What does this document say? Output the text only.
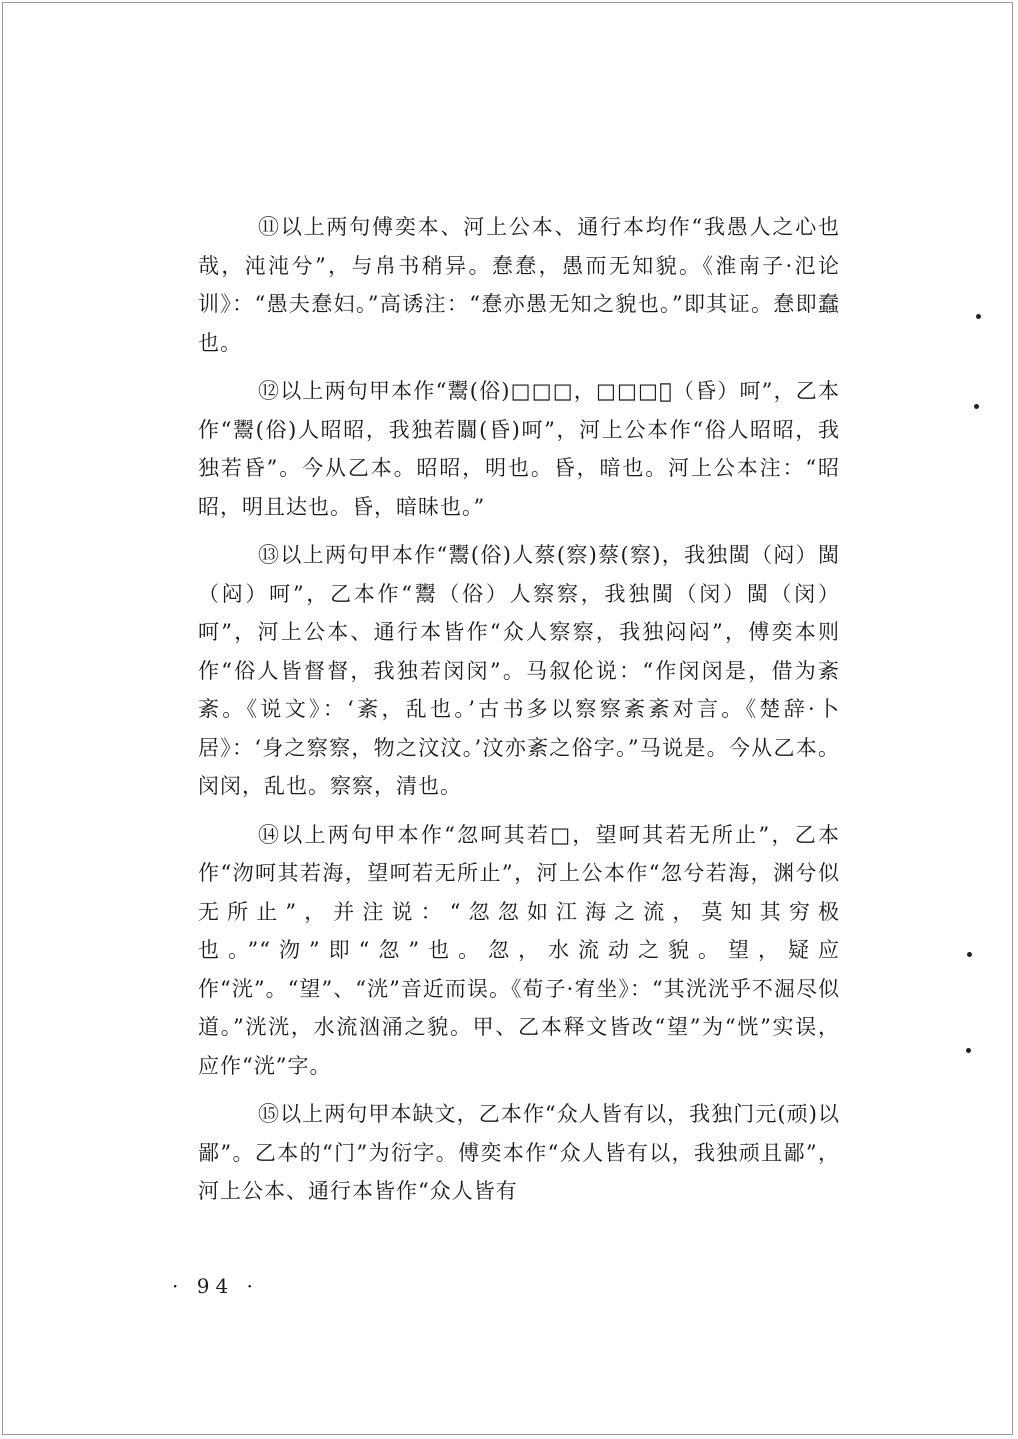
⑪以上两句傅奕本、河上公本、通行本均作“我愚人之心也哉，沌沌兮”，与帛书稍异。惷惷，愚而无知貌。《淮南子·氾论训》：“愚夫惷妇。”高诱注：“惷亦愚无知之貌也。”即其证。惷即蠢也。

⑫以上两句甲本作“鬻(俗)□□□，□□□𦥛（昏）呵”，乙本作“鬻(俗)人昭昭，我独若闒(昏)呵”，河上公本作“俗人昭昭，我独若昏”。今从乙本。昭昭，明也。昏，暗也。河上公本注：“昭昭，明且达也。昏，暗昧也。”

⑬以上两句甲本作“鬻(俗)人蔡(察)蔡(察)，我独閩（闷）閩（闷）呵”，乙本作“鬻（俗）人察察，我独閩（闵）閩（闵）呵”，河上公本、通行本皆作“众人察察，我独闷闷”，傅奕本则作“俗人皆督督，我独若闵闵”。马叙伦说：“作闵闵是，借为紊紊。《说文》：‘紊，乱也。’古书多以察察紊紊对言。《楚辞·卜居》：‘身之察察，物之汶汶。’汶亦紊之俗字。”马说是。今从乙本。闵闵，乱也。察察，清也。

⑭以上两句甲本作“忽呵其若□，望呵其若无所止”，乙本作“沕呵其若海，望呵若无所止”，河上公本作“忽兮若海，渊兮似无所止”，并注说：“忽忽如江海之流，莫知其穷极也。”“沕”即“忽”也。忽，水流动之貌。望，疑应作“洸”。“望”、“洸”音近而误。《荀子·宥坐》：“其洸洸乎不淈尽似道。”洸洸，水流汹涌之貌。甲、乙本释文皆改“望”为“恍”实误，应作“洸”字。

⑮以上两句甲本缺文，乙本作“众人皆有以，我独门元(顽)以鄙”。乙本的“门”为衍字。傅奕本作“众人皆有以，我独顽且鄙”，河上公本、通行本皆作“众人皆有

· 94 ·
